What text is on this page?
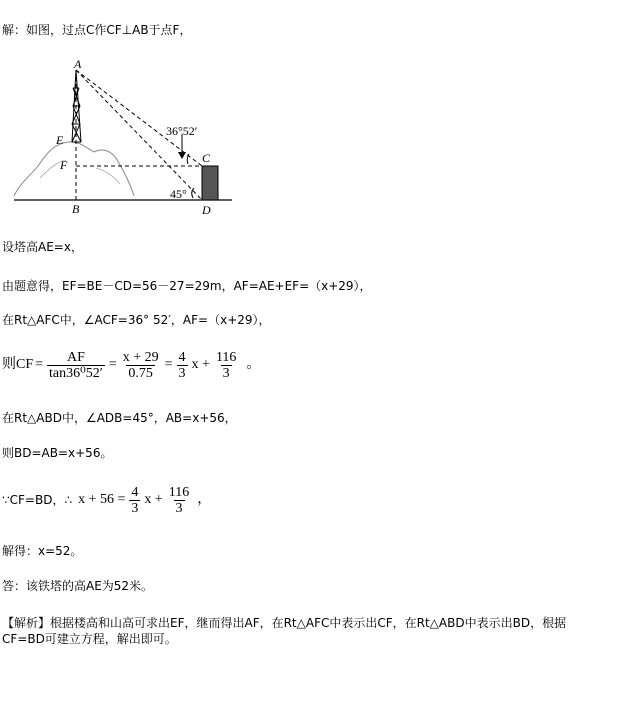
解：如图，过点C作CF⊥AB于点F，
A
E
F
B
C
D
36°52′
45°
设塔高AE=x，
由题意得，EF=BE－CD=56－27=29m，AF=AE+EF=（x+29），
在Rt△AFC中，∠ACF=36° 52′，AF=（x+29），
则CF = $\frac{AF}{\text{tan36⁰52′}} = \frac{x + 29}{0.75} = \frac{4}{3}$ $x + \frac{116}{3}$ 。
在Rt△ABD中，∠ADB=45°，AB=x+56，
则BD=AB=x+56。
∵CF=BD，∴ $x + 56 = \frac{4}{3}$ $x + \frac{116}{3}$ ，
解得：x=52。
答：该铁塔的高AE为52米。
【解析】根据楼高和山高可求出EF，继而得出AF，在Rt△AFC中表示出CF，在Rt△ABD中表示出BD，根据
CF=BD可建立方程，解出即可。
